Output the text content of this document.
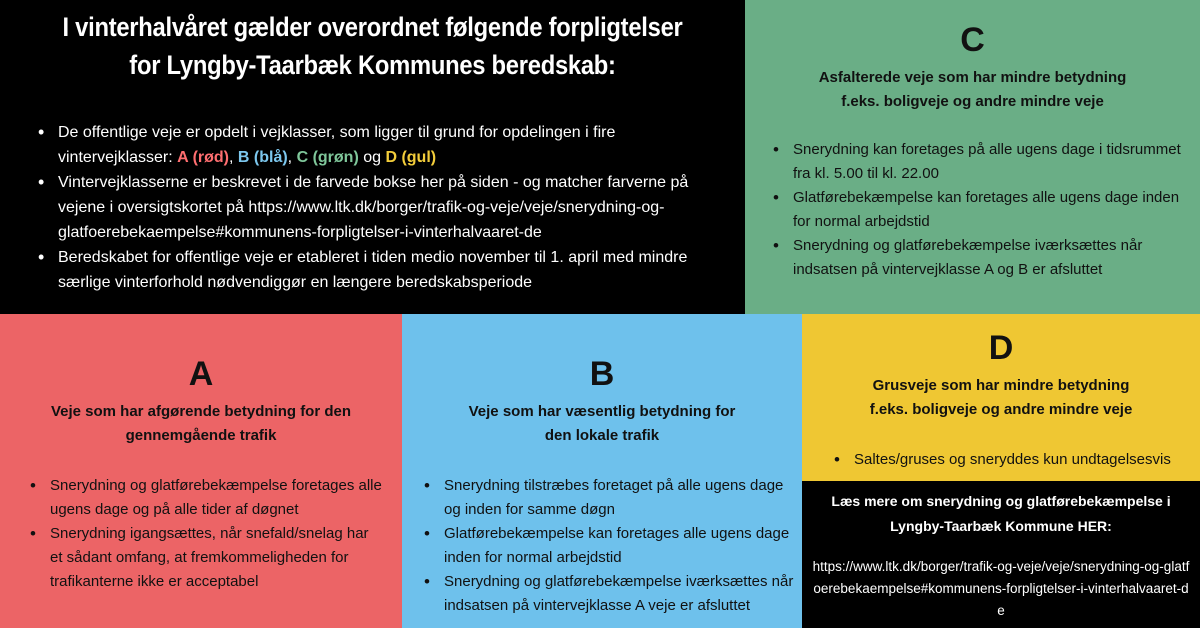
I vinterhalvåret gælder overordnet følgende forpligtelser
for Lyngby-Taarbæk Kommunes beredskab:
• De offentlige veje er opdelt i vejklasser, som ligger til grund for opdelingen i fire vintervejklasser: A (rød), B (blå), C (grøn) og D (gul)
• Vintervejklasserne er beskrevet i de farvede bokse her på siden - og matcher farverne på vejene i oversigtskortet på https://www.ltk.dk/borger/trafik-og-veje/veje/snerydning-og-glatfoerebekaempelse#kommunens-forpligtelser-i-vinterhalvaaret-de
• Beredskabet for offentlige veje er etableret i tiden medio november til 1. april med mindre særlige vinterforhold nødvendiggør en længere beredskabsperiode
C
Asfalterede veje som har mindre betydning
f.eks. boligveje og andre mindre veje
• Snerydning kan foretages på alle ugens dage i tidsrummet fra kl. 5.00 til kl. 22.00
• Glatførebekæmpelse kan foretages alle ugens dage inden for normal arbejdstid
• Snerydning og glatførebekæmpelse iværksættes når indsatsen på vintervejklasse A og B er afsluttet
A
Veje som har afgørende betydning for den
gennemgående trafik
• Snerydning og glatførebekæmpelse foretages alle ugens dage og på alle tider af døgnet
• Snerydning igangsættes, når snefald/snelag har et sådant omfang, at fremkommeligheden for trafikanterne ikke er acceptabel
B
Veje som har væsentlig betydning for
den lokale trafik
• Snerydning tilstræbes foretaget på alle ugens dage og inden for samme døgn
• Glatførebekæmpelse kan foretages alle ugens dage inden for normal arbejdstid
• Snerydning og glatførebekæmpelse iværksættes når indsatsen på vintervejklasse A veje er afsluttet
D
Grusveje som har mindre betydning
f.eks. boligveje og andre mindre veje
• Saltes/gruses og sneryddes kun undtagelsesvis
Læs mere om snerydning og glatførebekæmpelse i
Lyngby-Taarbæk Kommune HER:
https://www.ltk.dk/borger/trafik-og-veje/veje/snerydning-og-glatfoerebekaempelse#kommunens-forpligtelser-i-vinterhalvaaret-de
